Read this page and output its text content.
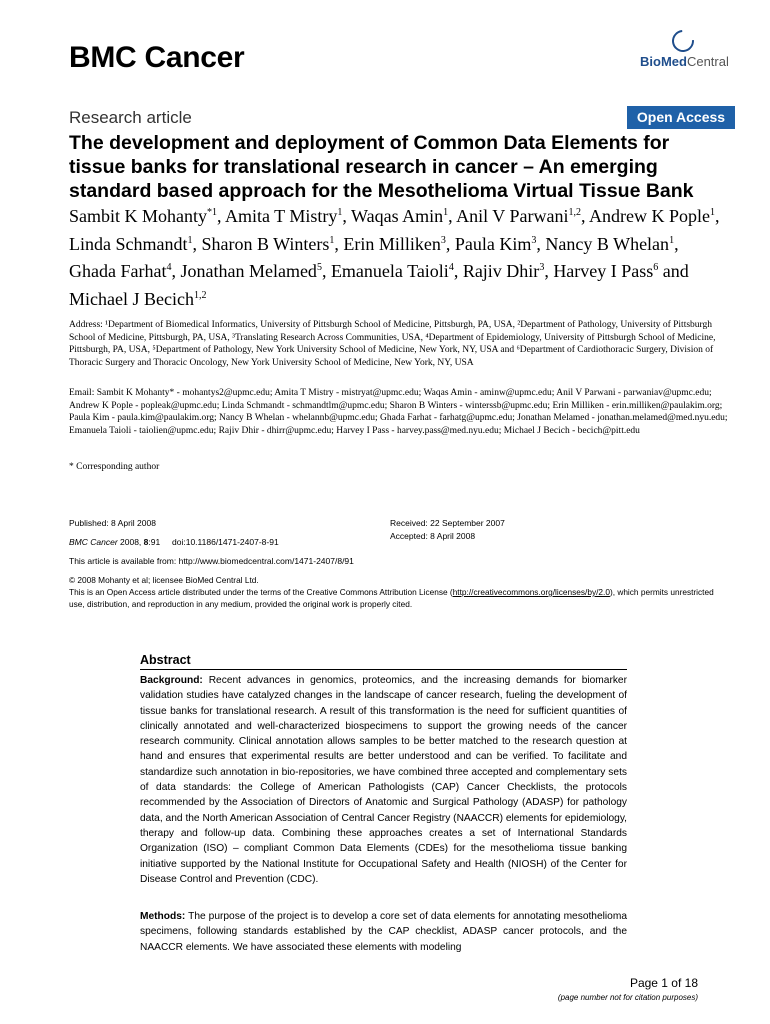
BMC Cancer	BioMedCentral
Research article	Open Access
The development and deployment of Common Data Elements for tissue banks for translational research in cancer – An emerging standard based approach for the Mesothelioma Virtual Tissue Bank
Sambit K Mohanty$^{*1}$, Amita T Mistry$^1$, Waqas Amin$^1$, Anil V Parwani$^{1,2}$, Andrew K Pople$^1$, Linda Schmandt$^1$, Sharon B Winters$^1$, Erin Milliken$^3$, Paula Kim$^3$, Nancy B Whelan$^1$, Ghada Farhat$^4$, Jonathan Melamed$^5$, Emanuela Taioli$^4$, Rajiv Dhir$^3$, Harvey I Pass$^6$ and Michael J Becich$^{1,2}$
Address: ¹Department of Biomedical Informatics, University of Pittsburgh School of Medicine, Pittsburgh, PA, USA, ²Department of Pathology, University of Pittsburgh School of Medicine, Pittsburgh, PA, USA, ³Translating Research Across Communities, USA, ⁴Department of Epidemiology, University of Pittsburgh School of Medicine, Pittsburgh, PA, USA, ⁵Department of Pathology, New York University School of Medicine, New York, NY, USA and ⁶Department of Cardiothoracic Surgery, Division of Thoracic Surgery and Thoracic Oncology, New York University School of Medicine, New York, NY, USA
Email: Sambit K Mohanty* - mohantys2@upmc.edu; Amita T Mistry - mistryat@upmc.edu; Waqas Amin - aminw@upmc.edu; Anil V Parwani - parwaniav@upmc.edu; Andrew K Pople - popleak@upmc.edu; Linda Schmandt - schmandtlm@upmc.edu; Sharon B Winters - winterssb@upmc.edu; Erin Milliken - erin.milliken@paulakim.org; Paula Kim - paula.kim@paulakim.org; Nancy B Whelan - whelannb@upmc.edu; Ghada Farhat - farhatg@upmc.edu; Jonathan Melamed - jonathan.melamed@med.nyu.edu; Emanuela Taioli - taiolien@upmc.edu; Rajiv Dhir - dhirr@upmc.edu; Harvey I Pass - harvey.pass@med.nyu.edu; Michael J Becich - becich@pitt.edu
* Corresponding author
Published: 8 April 2008
BMC Cancer 2008, 8:91     doi:10.1186/1471-2407-8-91
Received: 22 September 2007
Accepted: 8 April 2008
This article is available from: http://www.biomedcentral.com/1471-2407/8/91
© 2008 Mohanty et al; licensee BioMed Central Ltd.
This is an Open Access article distributed under the terms of the Creative Commons Attribution License (http://creativecommons.org/licenses/by/2.0), which permits unrestricted use, distribution, and reproduction in any medium, provided the original work is properly cited.
Abstract
Background: Recent advances in genomics, proteomics, and the increasing demands for biomarker validation studies have catalyzed changes in the landscape of cancer research, fueling the development of tissue banks for translational research. A result of this transformation is the need for sufficient quantities of clinically annotated and well-characterized biospecimens to support the growing needs of the cancer research community. Clinical annotation allows samples to be better matched to the research question at hand and ensures that experimental results are better understood and can be verified. To facilitate and standardize such annotation in bio-repositories, we have combined three accepted and complementary sets of data standards: the College of American Pathologists (CAP) Cancer Checklists, the protocols recommended by the Association of Directors of Anatomic and Surgical Pathology (ADASP) for pathology data, and the North American Association of Central Cancer Registry (NAACCR) elements for epidemiology, therapy and follow-up data. Combining these approaches creates a set of International Standards Organization (ISO) – compliant Common Data Elements (CDEs) for the mesothelioma tissue banking initiative supported by the National Institute for Occupational Safety and Health (NIOSH) of the Center for Disease Control and Prevention (CDC).
Methods: The purpose of the project is to develop a core set of data elements for annotating mesothelioma specimens, following standards established by the CAP checklist, ADASP cancer protocols, and the NAACCR elements. We have associated these elements with modeling
Page 1 of 18
(page number not for citation purposes)
